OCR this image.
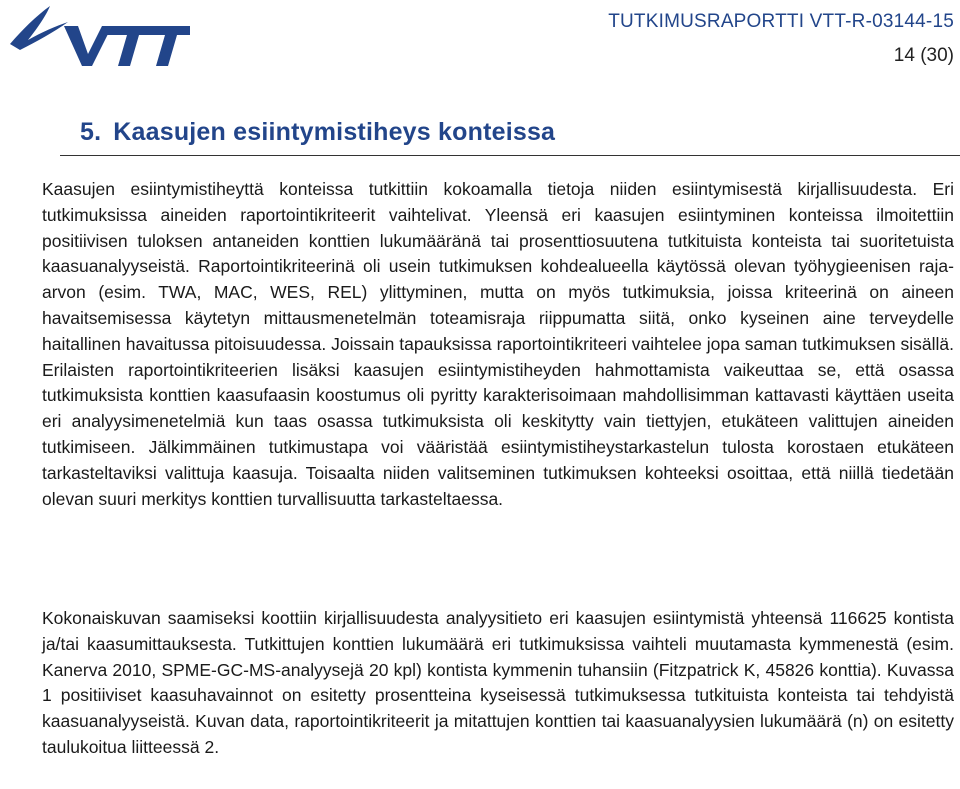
TUTKIMUSRAPORTTI VTT-R-03144-15
14 (30)
5. Kaasujen esiintymistiheys konteissa

Kaasujen esiintymistiheyttä konteissa tutkittiin kokoamalla tietoja niiden esiintymisestä kirjallisuudesta. Eri tutkimuksissa aineiden raportointikriteerit vaihtelivat. Yleensä eri kaasujen esiintyminen konteissa ilmoitettiin positiivisen tuloksen antaneiden konttien lukumääränä tai prosenttiosuutena tutkituista konteista tai suoritetuista kaasuanalyyseistä. Raportointikriteerinä oli usein tutkimuksen kohdealueella käytössä olevan työhygieenisen raja-arvon (esim. TWA, MAC, WES, REL) ylittyminen, mutta on myös tutkimuksia, joissa kriteerinä on aineen havaitsemisessa käytetyn mittausmenetelmän toteamisraja riippumatta siitä, onko kyseinen aine terveydelle haitallinen havaitussa pitoisuudessa. Joissain tapauksissa raportointikriteeri vaihtelee jopa saman tutkimuksen sisällä. Erilaisten raportointikriteerien lisäksi kaasujen esiintymistiheyden hahmottamista vaikeuttaa se, että osassa tutkimuksista konttien kaasufaasin koostumus oli pyritty karakterisoimaan mahdollisimman kattavasti käyttäen useita eri analyysimenetelmiä kun taas osassa tutkimuksista oli keskitytty vain tiettyjen, etukäteen valittujen aineiden tutkimiseen. Jälkimmäinen tutkimustapa voi vääristää esiintymistiheystarkastelun tulosta korostaen etukäteen tarkasteltaviksi valittuja kaasuja. Toisaalta niiden valitseminen tutkimuksen kohteeksi osoittaa, että niillä tiedetään olevan suuri merkitys konttien turvallisuutta tarkasteltaessa.

Kokonaiskuvan saamiseksi koottiin kirjallisuudesta analyysitieto eri kaasujen esiintymistä yhteensä 116625 kontista ja/tai kaasumittauksesta. Tutkittujen konttien lukumäärä eri tutkimuksissa vaihteli muutamasta kymmenestä (esim. Kanerva 2010, SPME-GC-MS-analyysejä 20 kpl) kontista kymmenin tuhansiin (Fitzpatrick K, 45826 konttia). Kuvassa 1 positiiviset kaasuhavainnot on esitetty prosentteina kyseisessä tutkimuksessa tutkituista konteista tai tehdyistä kaasuanalyyseistä. Kuvan data, raportointikriteerit ja mitattujen konttien tai kaasuanalyysien lukumäärä (n) on esitetty taulukoitua liitteessä 2.
